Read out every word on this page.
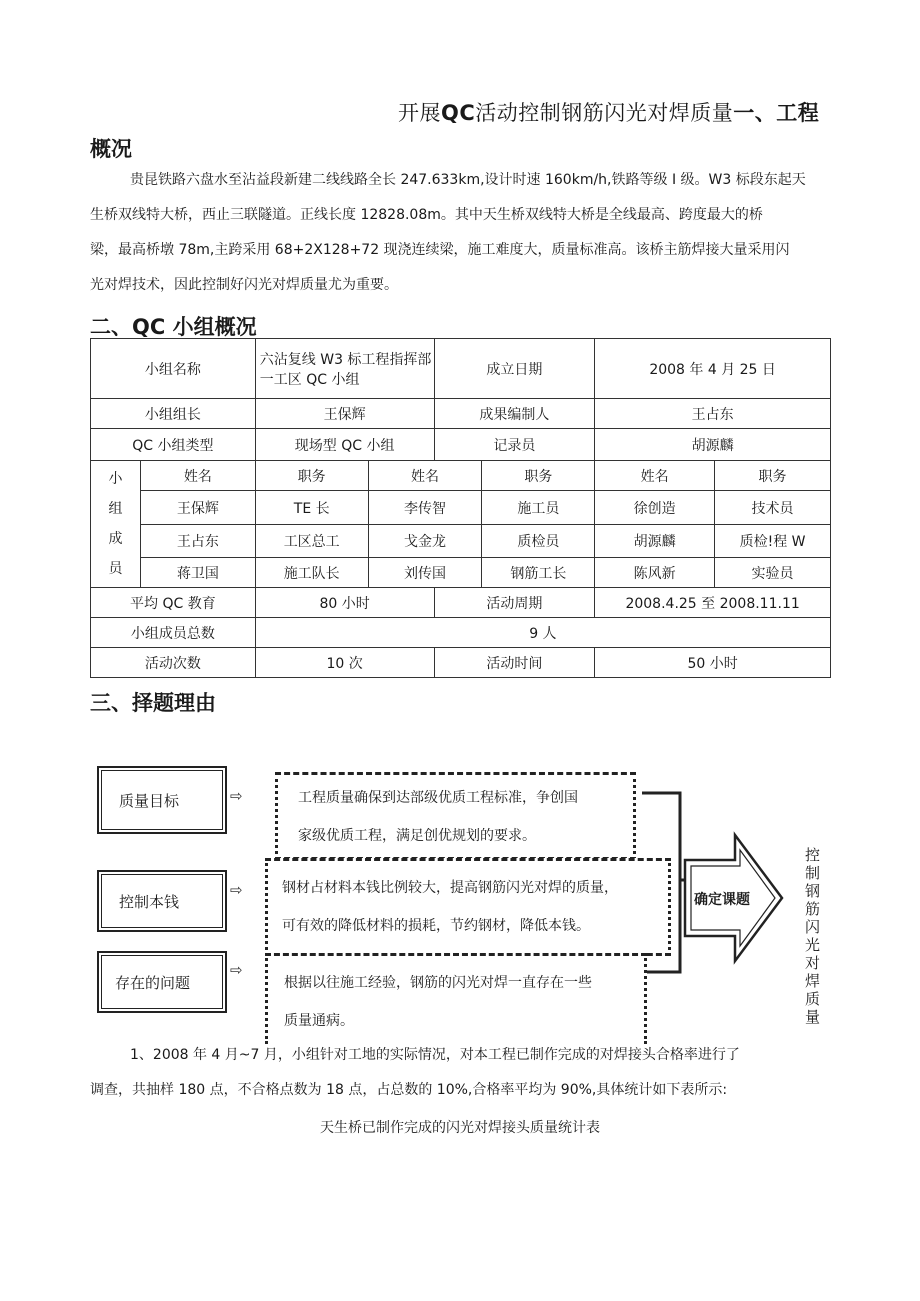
开展QC活动控制钢筋闪光对焊质量一、工程
概况

贵昆铁路六盘水至沾益段新建二线线路全长 247.633km,设计时速 160km/h,铁路等级 I 级。W3 标段东起天

生桥双线特大桥，西止三联隧道。正线长度 12828.08m。其中天生桥双线特大桥是全线最高、跨度最大的桥

梁，最高桥墩 78m,主跨采用 68+2X128+72 现浇连续梁，施工难度大，质量标准高。该桥主筋焊接大量采用闪

光对焊技术，因此控制好闪光对焊质量尤为重要。

二、QC 小组概况
小组名称		六沾复线 W3 标工程指挥部一工区 QC 小组		成立日期		2008 年 4 月 25 日	
小组组长		王保辉		成果编制人		王占东	
QC 小组类型		现场型 QC 小组		记录员		胡源麟	
小组成员	姓名	职务	姓名		职务	姓名	职务
	王保辉	TE 长	李传智		施工员	徐创造	技术员
	王占东	工区总工	戈金龙		质检员	胡源麟	质检!程 W
	蒋卫国	施工队长	刘传国		钢筋工长	陈风新	实验员
平均 QC 教育		80 小时		活动周期		2008.4.25 至 2008.11.11	
小组成员总数		9 人					
活动次数		10 次		活动时间		50 小时	
三、择题理由
质量目标
控制本钱
存在的问题
⇨
⇨
⇨
工程质量确保到达部级优质工程标准，争创国
家级优质工程，满足创优规划的要求。
钢材占材料本钱比例较大，提高钢筋闪光对焊的质量，
可有效的降低材料的损耗，节约钢材，降低本钱。
根据以往施工经验，钢筋的闪光对焊一直存在一些
质量通病。
确定课题
控制钢筋闪光对焊质量

1、2008 年 4 月~7 月，小组针对工地的实际情况，对本工程已制作完成的对焊接头合格率进行了

调查，共抽样 180 点，不合格点数为 18 点，占总数的 10%,合格率平均为 90%,具体统计如下表所示:

天生桥已制作完成的闪光对焊接头质量统计表
